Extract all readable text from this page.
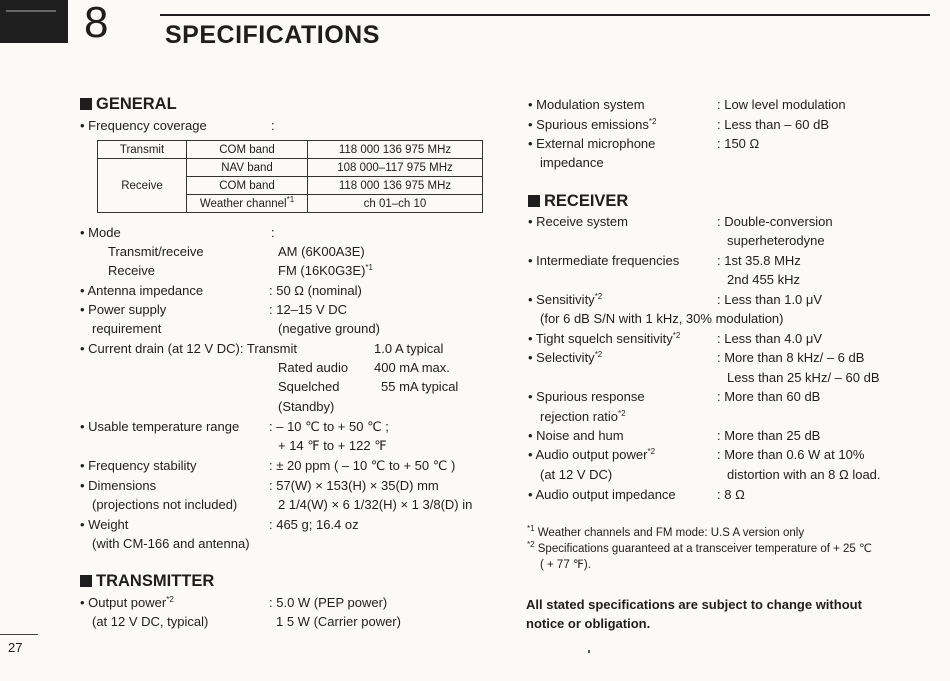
8 SPECIFICATIONS
GENERAL
• Frequency coverage	:
Transmit	COM band	118 000 136 975 MHz
Receive	NAV band	108 000–117 975 MHz
	COM band	118 000 136 975 MHz
	Weather channel$^{*1}$	ch 01–ch 10
• Mode	:
Transmit/receive	AM (6K00A3E)
Receive	FM $(16K0G3E)^{*1}$
• Antenna impedance	: 50 Ω (nominal)
• Power supply	: 12–15 V DC
requirement	(negative ground)
• Current drain (at 12 V DC): Transmit	1.0 A typical
Rated audio 400 mA max.
Squelched	55 mA typical
(Standby)
• Usable temperature range : – 10 ℃ to + 50 ℃ ;
+ 14 ℉ to + 122 ℉
• Frequency stability	: ± 20 ppm ( – 10 ℃ to + 50 ℃ )
• Dimensions	: 57(W) × 153(H) × 35(D) mm
(projections not included)	2 1/4(W) × 6 1/32(H) × 1 3/8(D) in
• Weight	: 465 g; 16.4 oz
(with CM-166 and antenna)
TRANSMITTER
• Output power$^{*2}$	: 5.0 W (PEP power)
(at 12 V DC, typical)	1 5 W (Carrier power)
27
• Modulation system	: Low level modulation
• Spurious emissions$^{*2}$	: Less than – 60 dB
• External microphone	: 150 Ω
impedance
RECEIVER
• Receive system	: Double-conversion
superheterodyne
• Intermediate frequencies	: 1st 35.8 MHz
2nd 455 kHz
• Sensitivity$^{*2}$	: Less than 1.0 μV
(for 6 dB S/N with 1 kHz, 30% modulation)
• Tight squelch sensitivity$^{*2}$	: Less than 4.0 μV
• Selectivity$^{*2}$	: More than 8 kHz/ – 6 dB
Less than 25 kHz/ – 60 dB
• Spurious response	: More than 60 dB
rejection ratio$^{*2}$
• Noise and hum	: More than 25 dB
• Audio output power$^{*2}$	: More than 0.6 W at 10%
(at 12 V DC)	distortion with an 8 Ω load.
• Audio output impedance	: 8 Ω
$^{*1}$ Weather channels and FM mode: U.S A version only
$^{*2}$ Specifications guaranteed at a transceiver temperature of + 25 ℃
( + 77 ℉).
All stated specifications are subject to change without
notice or obligation.
